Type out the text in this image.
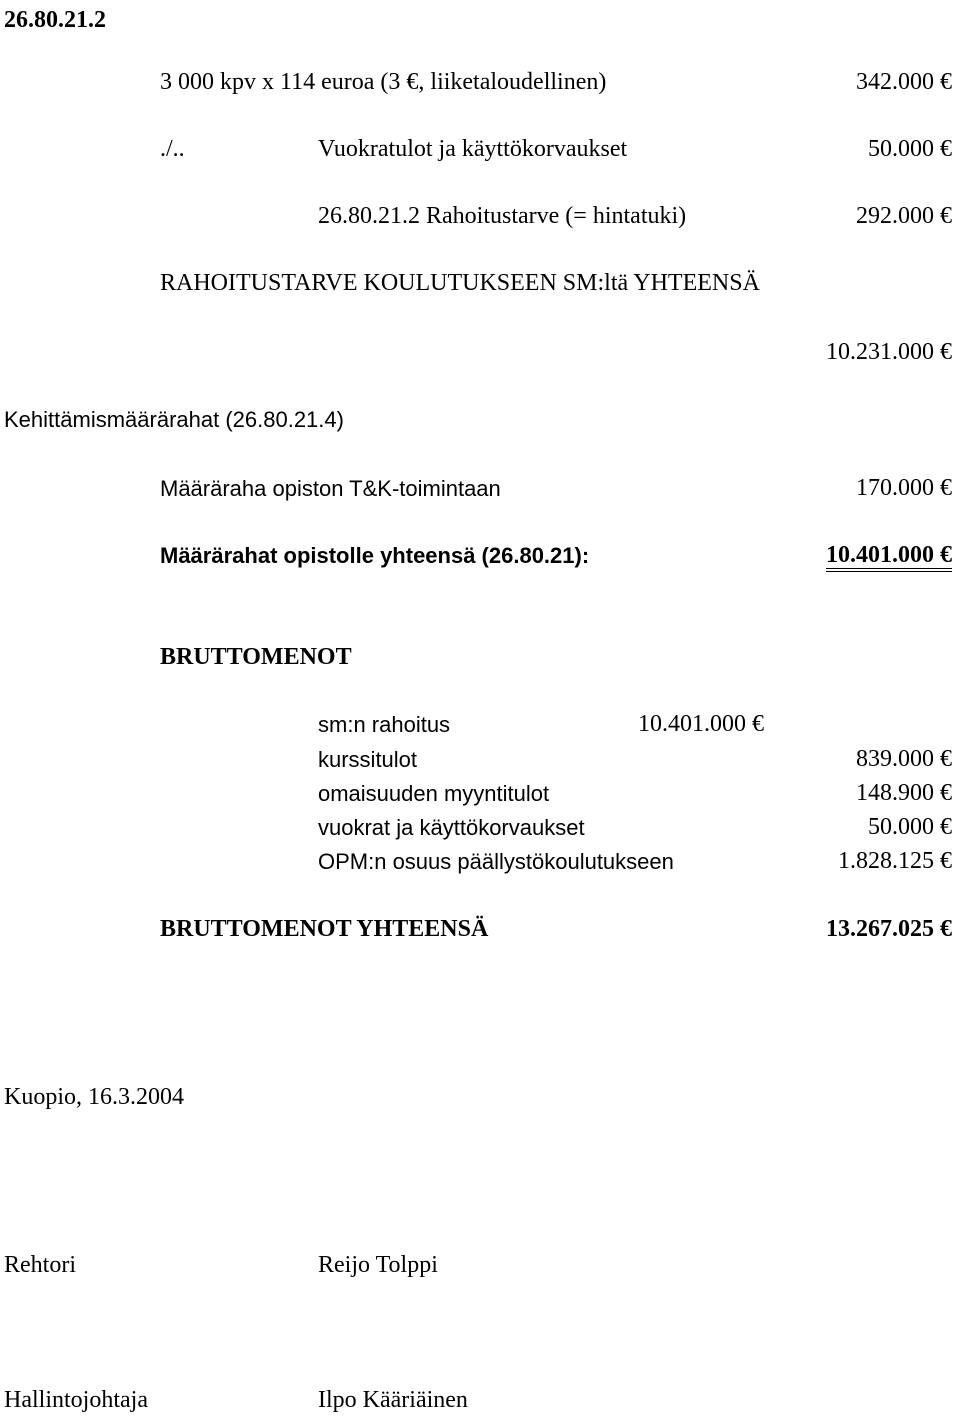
26.80.21.2
3 000 kpv x 114 euroa (3 €, liiketaloudellinen)	342.000 €
./..	Vuokratulot ja käyttökorvaukset	50.000 €
26.80.21.2 Rahoitustarve (= hintatuki)	292.000 €
RAHOITUSTARVE KOULUTUKSEEN SM:ltä YHTEENSÄ
10.231.000 €
Kehittämismäärärahat (26.80.21.4)
Määräraha opiston T&K-toimintaan	170.000 €
Määrärahat opistolle yhteensä (26.80.21):	10.401.000 €
BRUTTOMENOT
sm:n rahoitus	10.401.000 €
kurssitulot	839.000 €
omaisuuden myyntitulot	148.900 €
vuokrat ja käyttökorvaukset	50.000 €
OPM:n osuus päällystökoulutukseen	1.828.125 €
BRUTTOMENOT YHTEENSÄ	13.267.025 €
Kuopio, 16.3.2004
Rehtori	Reijo Tolppi
Hallintojohtaja	Ilpo Kääriäinen
